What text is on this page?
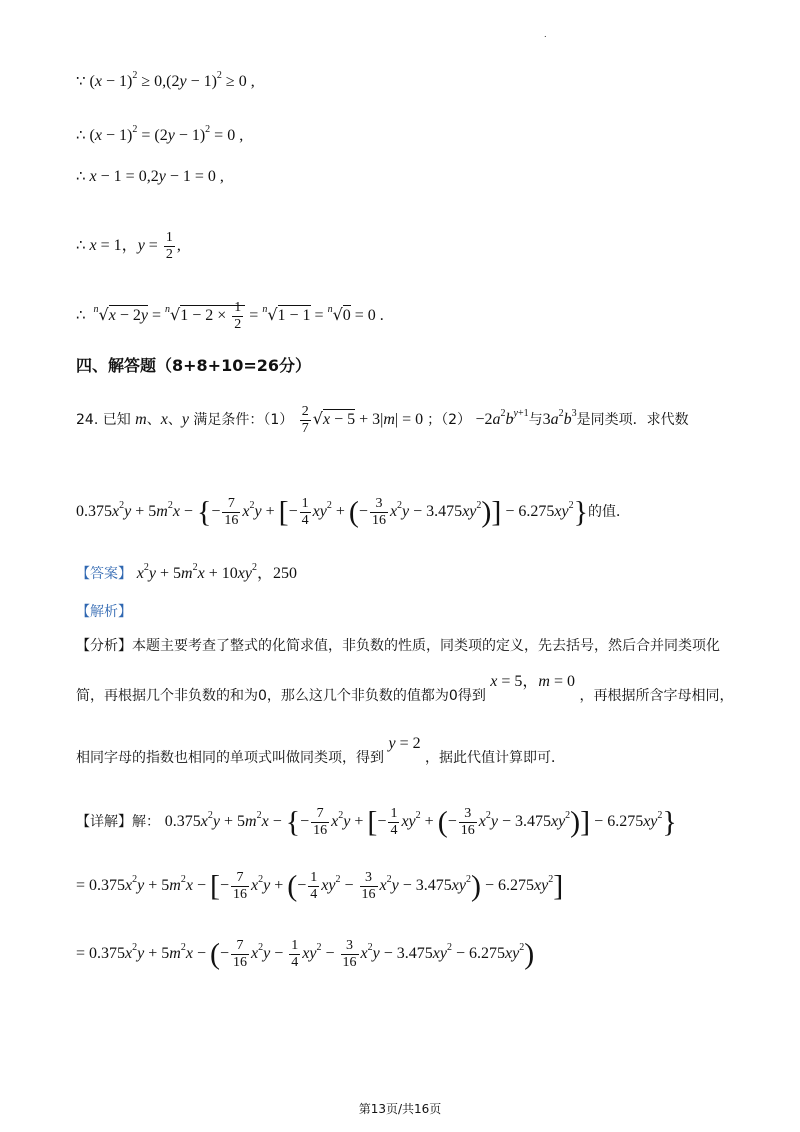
.
∵ $(x - 1)^2 \ge 0,(2y - 1)^2 \ge 0$ ,
∴ $(x - 1)^2 = (2y - 1)^2 = 0$ ,
∴ x − 1 = 0,2y − 1 = 0 ,
∴ x = 1，$y = \frac{1}{2}$ ,
∴ $^n√x - 2y = ^n√1 - 2 \times \frac{1}{2} = ^n√1 - 1 = ^n√0 = 0$ .
四、解答题（8+8+10=26分）
24. 已知 m、x、y 满足条件：$(1) \frac{2}{7} √x - 5 + 3|m| = 0$ ；$(2) -2a^2b^{y+1}$与$3a^2b^3$是同类项．求代数
$0.375x^2y + 5m^2x$ − {− $\frac{7}{16} x^2y$ + [− $\frac{1}{4} xy^2$ + (− $\frac{3}{16} x^2y - 3.475xy^2)] - 6.275xy^2$}的值．
【答案】 $x^2y + 5m^2x + 10xy^2$，250
【解析】
【分析】本题主要考查了整式的化简求值，非负数的性质，同类项的定义，先去括号，然后合并同类项化
简，再根据几个非负数的和为0，那么这几个非负数的值都为0得到 x = 5，m = 0 ，再根据所含字母相同，
相同字母的指数也相同的单项式叫做同类项，得到 y = 2 ，据此代值计算即可．
【详解】解： $0.375x^2y + 5m^2x$ − {− $\frac{7}{16} x^2y$ + [− $\frac{1}{4} xy^2$ + (− $\frac{3}{16} x^2y - 3.475xy^2)] - 6.275xy^2$}
= $0.375x^2y + 5m^2x$ − [− $\frac{7}{16} x^2y$ + (− $\frac{1}{4} xy^2 - \frac{3}{16} x^2y - 3.475xy^2) - 6.275xy^2$]
= $0.375x^2y + 5m^2x$ − (− $\frac{7}{16} x^2y - \frac{1}{4} xy^2 - \frac{3}{16} x^2y - 3.475xy^2 - 6.275xy^2$)
第13页/共16页
